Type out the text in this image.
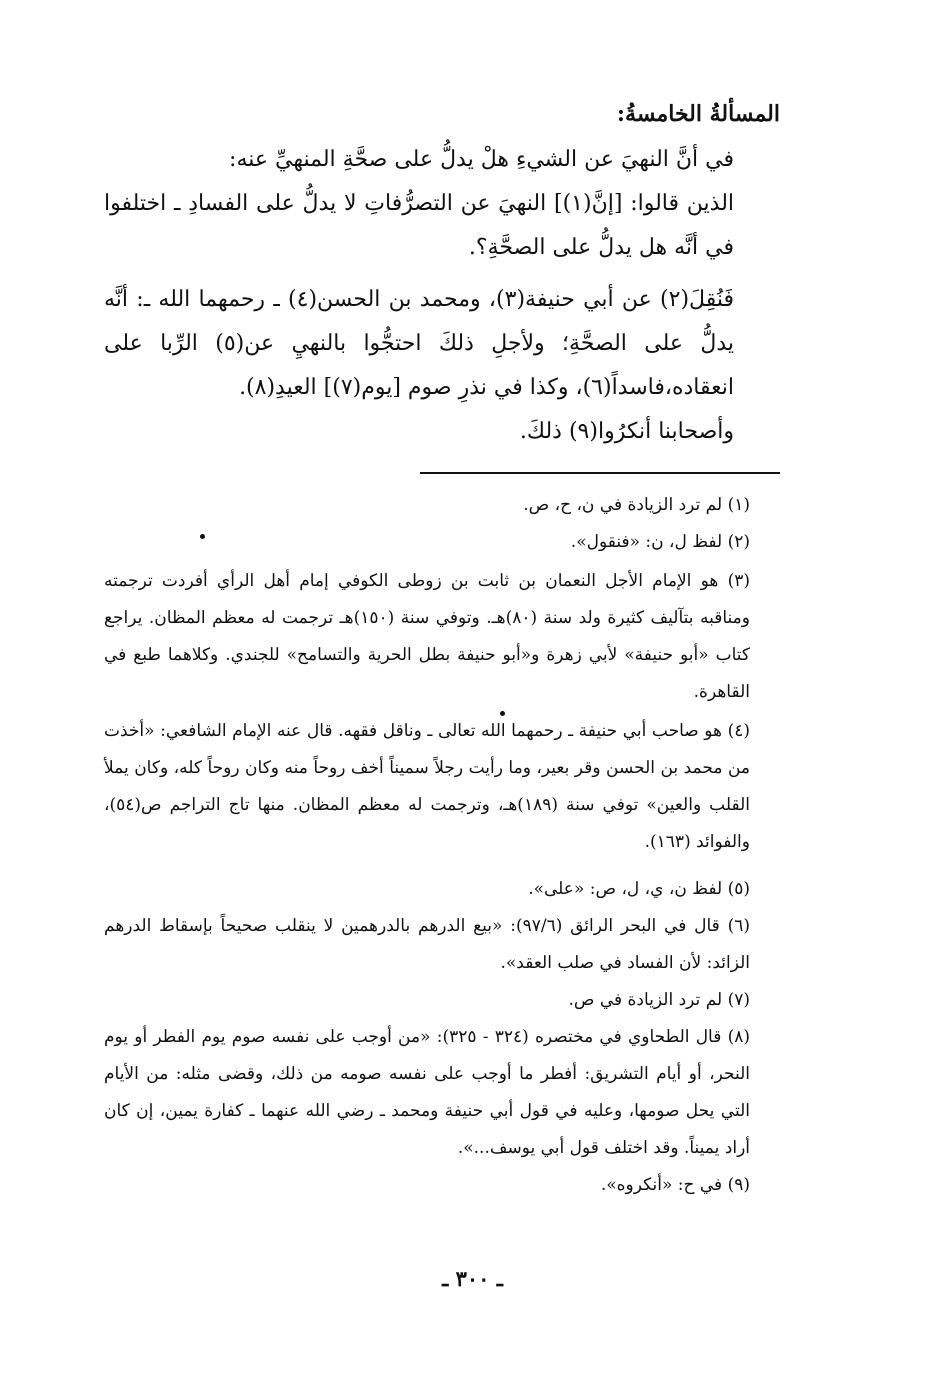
المسألةُ الخامسةُ:

في أنَّ النهيَ عن الشيءِ هلْ يدلُّ على صحَّةِ المنهيِّ عنه:

الذين قالوا: [إنَّ(١)] النهيَ عن التصرُّفاتِ لا يدلُّ على الفسادِ ـ اختلفوا في أنَّه هل يدلُّ على الصحَّةِ؟.

فَنُقِلَ(٢) عن أبي حنيفة(٣)، ومحمد بن الحسن(٤) ـ رحمهما الله ـ: أنَّه يدلُّ على الصحَّةِ؛ ولأجلِ ذلكَ احتجُّوا بالنهيِ عن(٥) الرِّبا على انعقاده،فاسداً(٦)، وكذا في نذرِ صوم [يوم(٧)] العيدِ(٨).

وأصحابنا أنكرُوا(٩) ذلكَ.

(١) لم ترد الزيادة في ن، ح، ص.

(٢) لفظ ل، ن: «فنقول».

(٣) هو الإمام الأجل النعمان بن ثابت بن زوطى الكوفي إمام أهل الرأي أفردت ترجمته ومناقبه بتآليف كثيرة ولد سنة (٨٠)هـ. وتوفي سنة (١٥٠)هـ ترجمت له معظم المظان. يراجع كتاب «أبو حنيفة» لأبي زهرة و«أبو حنيفة بطل الحرية والتسامح» للجندي. وكلاهما طبع في القاهرة.

(٤) هو صاحب أبي حنيفة ـ رحمهما الله تعالى ـ وناقل فقهه. قال عنه الإمام الشافعي: «أخذت من محمد بن الحسن وقر بعير، وما رأيت رجلاً سميناً أخف روحاً منه وكان روحاً كله، وكان يملأ القلب والعين» توفي سنة (١٨٩)هـ، وترجمت له معظم المظان. منها تاج التراجم ص(٥٤)، والفوائد (١٦٣).

(٥) لفظ ن، ي، ل، ص: «على».

(٦) قال في البحر الرائق (٩٧/٦): «بيع الدرهم بالدرهمين لا ينقلب صحيحاً بإسقاط الدرهم الزائد: لأن الفساد في صلب العقد».

(٧) لم ترد الزيادة في ص.

(٨) قال الطحاوي في مختصره (٣٢٤ - ٣٢٥): «من أوجب على نفسه صوم يوم الفطر أو يوم النحر، أو أيام التشريق: أفطر ما أوجب على نفسه صومه من ذلك، وقضى مثله: من الأيام التي يحل صومها، وعليه في قول أبي حنيفة ومحمد ـ رضي الله عنهما ـ كفارة يمين، إن كان أراد يميناً. وقد اختلف قول أبي يوسف...».

(٩) في ح: «أنكروه».

ـ ٣٠٠ ـ
